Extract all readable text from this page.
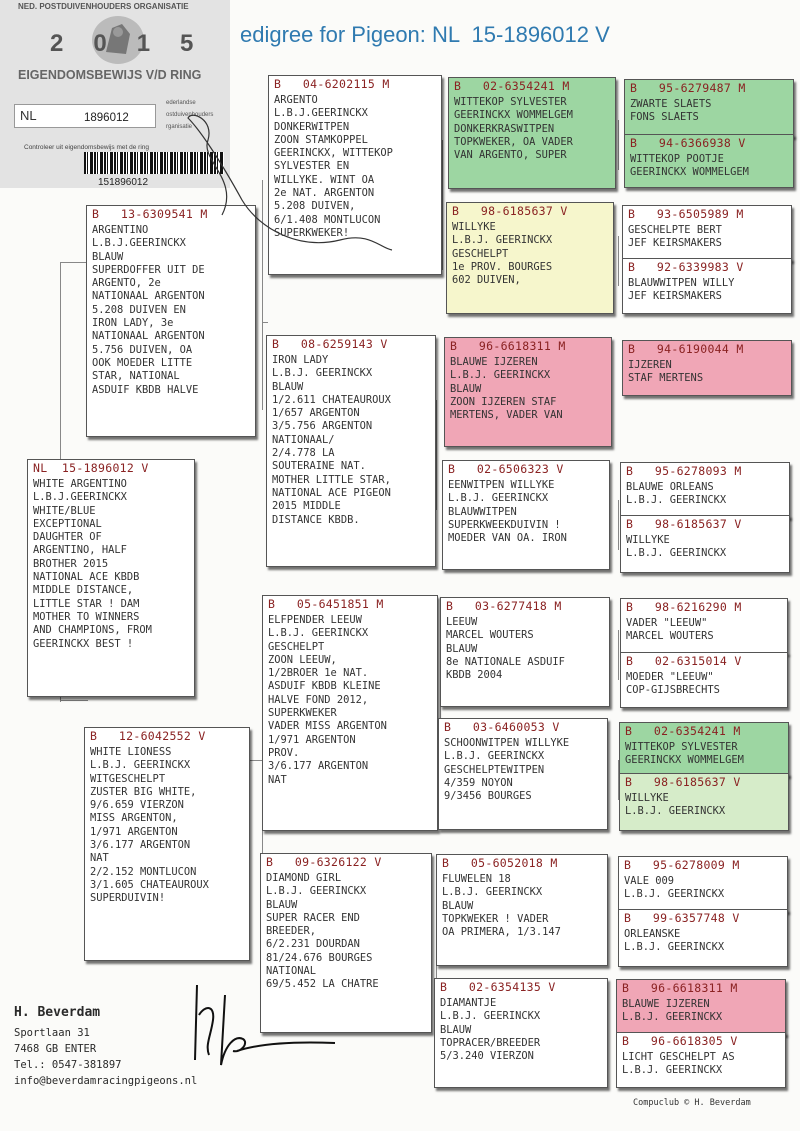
NED. POSTDUIVENHOUDERS ORGANISATIE
2015
EIGENDOMSBEWIJS V/D RING
NL	1896012
ederlandse
ostduivenhouders
rganisatie
Controleer uit eigendomsbewijs met de ring
151896012
edigree for Pigeon: NL  15-1896012 V
NL  15-1896012 V
WHITE ARGENTINO
L.B.J.GEERINCKX
WHITE/BLUE
EXCEPTIONAL
DAUGHTER OF
ARGENTINO, HALF
BROTHER 2015
NATIONAL ACE KBDB
MIDDLE DISTANCE,
LITTLE STAR ! DAM
MOTHER TO WINNERS
AND CHAMPIONS, FROM
GEERINCKX BEST !
B   13-6309541 M
ARGENTINO
L.B.J.GEERINCKX
BLAUW
SUPERDOFFER UIT DE
ARGENTO, 2e
NATIONAAL ARGENTON
5.208 DUIVEN EN
IRON LADY, 3e
NATIONAAL ARGENTON
5.756 DUIVEN, OA
OOK MOEDER LITTE
STAR, NATIONAL
ASDUIF KBDB HALVE
B   12-6042552 V
WHITE LIONESS
L.B.J. GEERINCKX
WITGESCHELPT
ZUSTER BIG WHITE,
9/6.659 VIERZON
MISS ARGENTON,
1/971 ARGENTON
3/6.177 ARGENTON
NAT
2/2.152 MONTLUCON
3/1.605 CHATEAUROUX
SUPERDUIVIN!
B   04-6202115 M
ARGENTO
L.B.J.GEERINCKX
DONKERWITPEN
ZOON STAMKOPPEL
GEERINCKX, WITTEKOP
SYLVESTER EN
WILLYKE. WINT OA
2e NAT. ARGENTON
5.208 DUIVEN,
6/1.408 MONTLUCON
SUPERKWEKER!
B   08-6259143 V
IRON LADY
L.B.J. GEERINCKX
BLAUW
1/2.611 CHATEAUROUX
1/657 ARGENTON
3/5.756 ARGENTON
NATIONAAL/
2/4.778 LA
SOUTERAINE NAT.
MOTHER LITTLE STAR,
NATIONAL ACE PIGEON
2015 MIDDLE
DISTANCE KBDB.
B   05-6451851 M
ELFPENDER LEEUW
L.B.J. GEERINCKX
GESCHELPT
ZOON LEEUW,
1/2BROER 1e NAT.
ASDUIF KBDB KLEINE
HALVE FOND 2012,
SUPERKWEKER
VADER MISS ARGENTON
1/971 ARGENTON
PROV.
3/6.177 ARGENTON
NAT
B   09-6326122 V
DIAMOND GIRL
L.B.J. GEERINCKX
BLAUW
SUPER RACER END
BREEDER,
6/2.231 DOURDAN
81/24.676 BOURGES
NATIONAL
69/5.452 LA CHATRE
B   02-6354241 M
WITTEKOP SYLVESTER
GEERINCKX WOMMELGEM
DONKERKRASWITPEN
TOPKWEKER, OA VADER
VAN ARGENTO, SUPER
B   98-6185637 V
WILLYKE
L.B.J. GEERINCKX
GESCHELPT
1e PROV. BOURGES
602 DUIVEN,
B   96-6618311 M
BLAUWE IJZEREN
L.B.J. GEERINCKX
BLAUW
ZOON IJZEREN STAF
MERTENS, VADER VAN
B   02-6506323 V
EENWITPEN WILLYKE
L.B.J. GEERINCKX
BLAUWWITPEN
SUPERKWEEKDUIVIN !
MOEDER VAN OA. IRON
B   03-6277418 M
LEEUW
MARCEL WOUTERS
BLAUW
8e NATIONALE ASDUIF
KBDB 2004
B   03-6460053 V
SCHOONWITPEN WILLYKE
L.B.J. GEERINCKX
GESCHELPTEWITPEN
4/359 NOYON
9/3456 BOURGES
B   05-6052018 M
FLUWELEN 18
L.B.J. GEERINCKX
BLAUW
TOPKWEKER ! VADER
OA PRIMERA, 1/3.147
B   02-6354135 V
DIAMANTJE
L.B.J. GEERINCKX
BLAUW
TOPRACER/BREEDER
5/3.240 VIERZON
B   95-6279487 M
ZWARTE SLAETS
FONS SLAETS
B   94-6366938 V
WITTEKOP POOTJE
GEERINCKX WOMMELGEM
B   93-6505989 M
GESCHELPTE BERT
JEF KEIRSMAKERS
B   92-6339983 V
BLAUWWITPEN WILLY
JEF KEIRSMAKERS
B   94-6190044 M
IJZEREN
STAF MERTENS
B   95-6278093 M
BLAUWE ORLEANS
L.B.J. GEERINCKX
B   98-6185637 V
WILLYKE
L.B.J. GEERINCKX
B   98-6216290 M
VADER "LEEUW"
MARCEL WOUTERS
B   02-6315014 V
MOEDER "LEEUW"
COP-GIJSBRECHTS
B   02-6354241 M
WITTEKOP SYLVESTER
GEERINCKX WOMMELGEM
B   98-6185637 V
WILLYKE
L.B.J. GEERINCKX
B   95-6278009 M
VALE 009
L.B.J. GEERINCKX
B   99-6357748 V
ORLEANSKE
L.B.J. GEERINCKX
B   96-6618311 M
BLAUWE IJZEREN
L.B.J. GEERINCKX
B   96-6618305 V
LICHT GESCHELPT AS
L.B.J. GEERINCKX
H. Beverdam
Sportlaan 31
7468 GB ENTER
Tel.: 0547-381897
info@beverdamracingpigeons.nl
Compuclub © H. Beverdam
